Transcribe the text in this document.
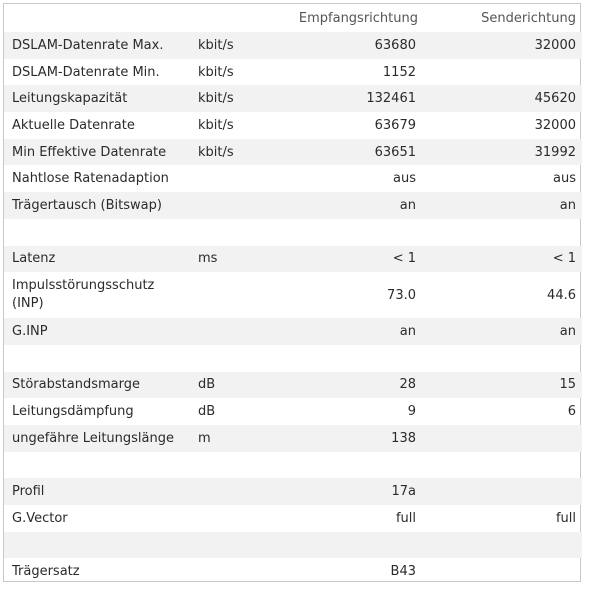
		Empfangsrichtung	Senderichtung
DSLAM-Datenrate Max.	kbit/s	63680	32000
DSLAM-Datenrate Min.	kbit/s	1152	
Leitungskapazität	kbit/s	132461	45620
Aktuelle Datenrate	kbit/s	63679	32000
Min Effektive Datenrate	kbit/s	63651	31992
Nahtlose Ratenadaption		aus	aus
Trägertausch (Bitswap)		an	an

Latenz	ms	< 1	< 1
Impulsstörungsschutz (INP)		73.0	44.6
G.INP		an	an

Störabstandsmarge	dB	28	15
Leitungsdämpfung	dB	9	6
ungefähre Leitungslänge	m	138	

Profil		17a	
G.Vector		full	full

Trägersatz		B43	
